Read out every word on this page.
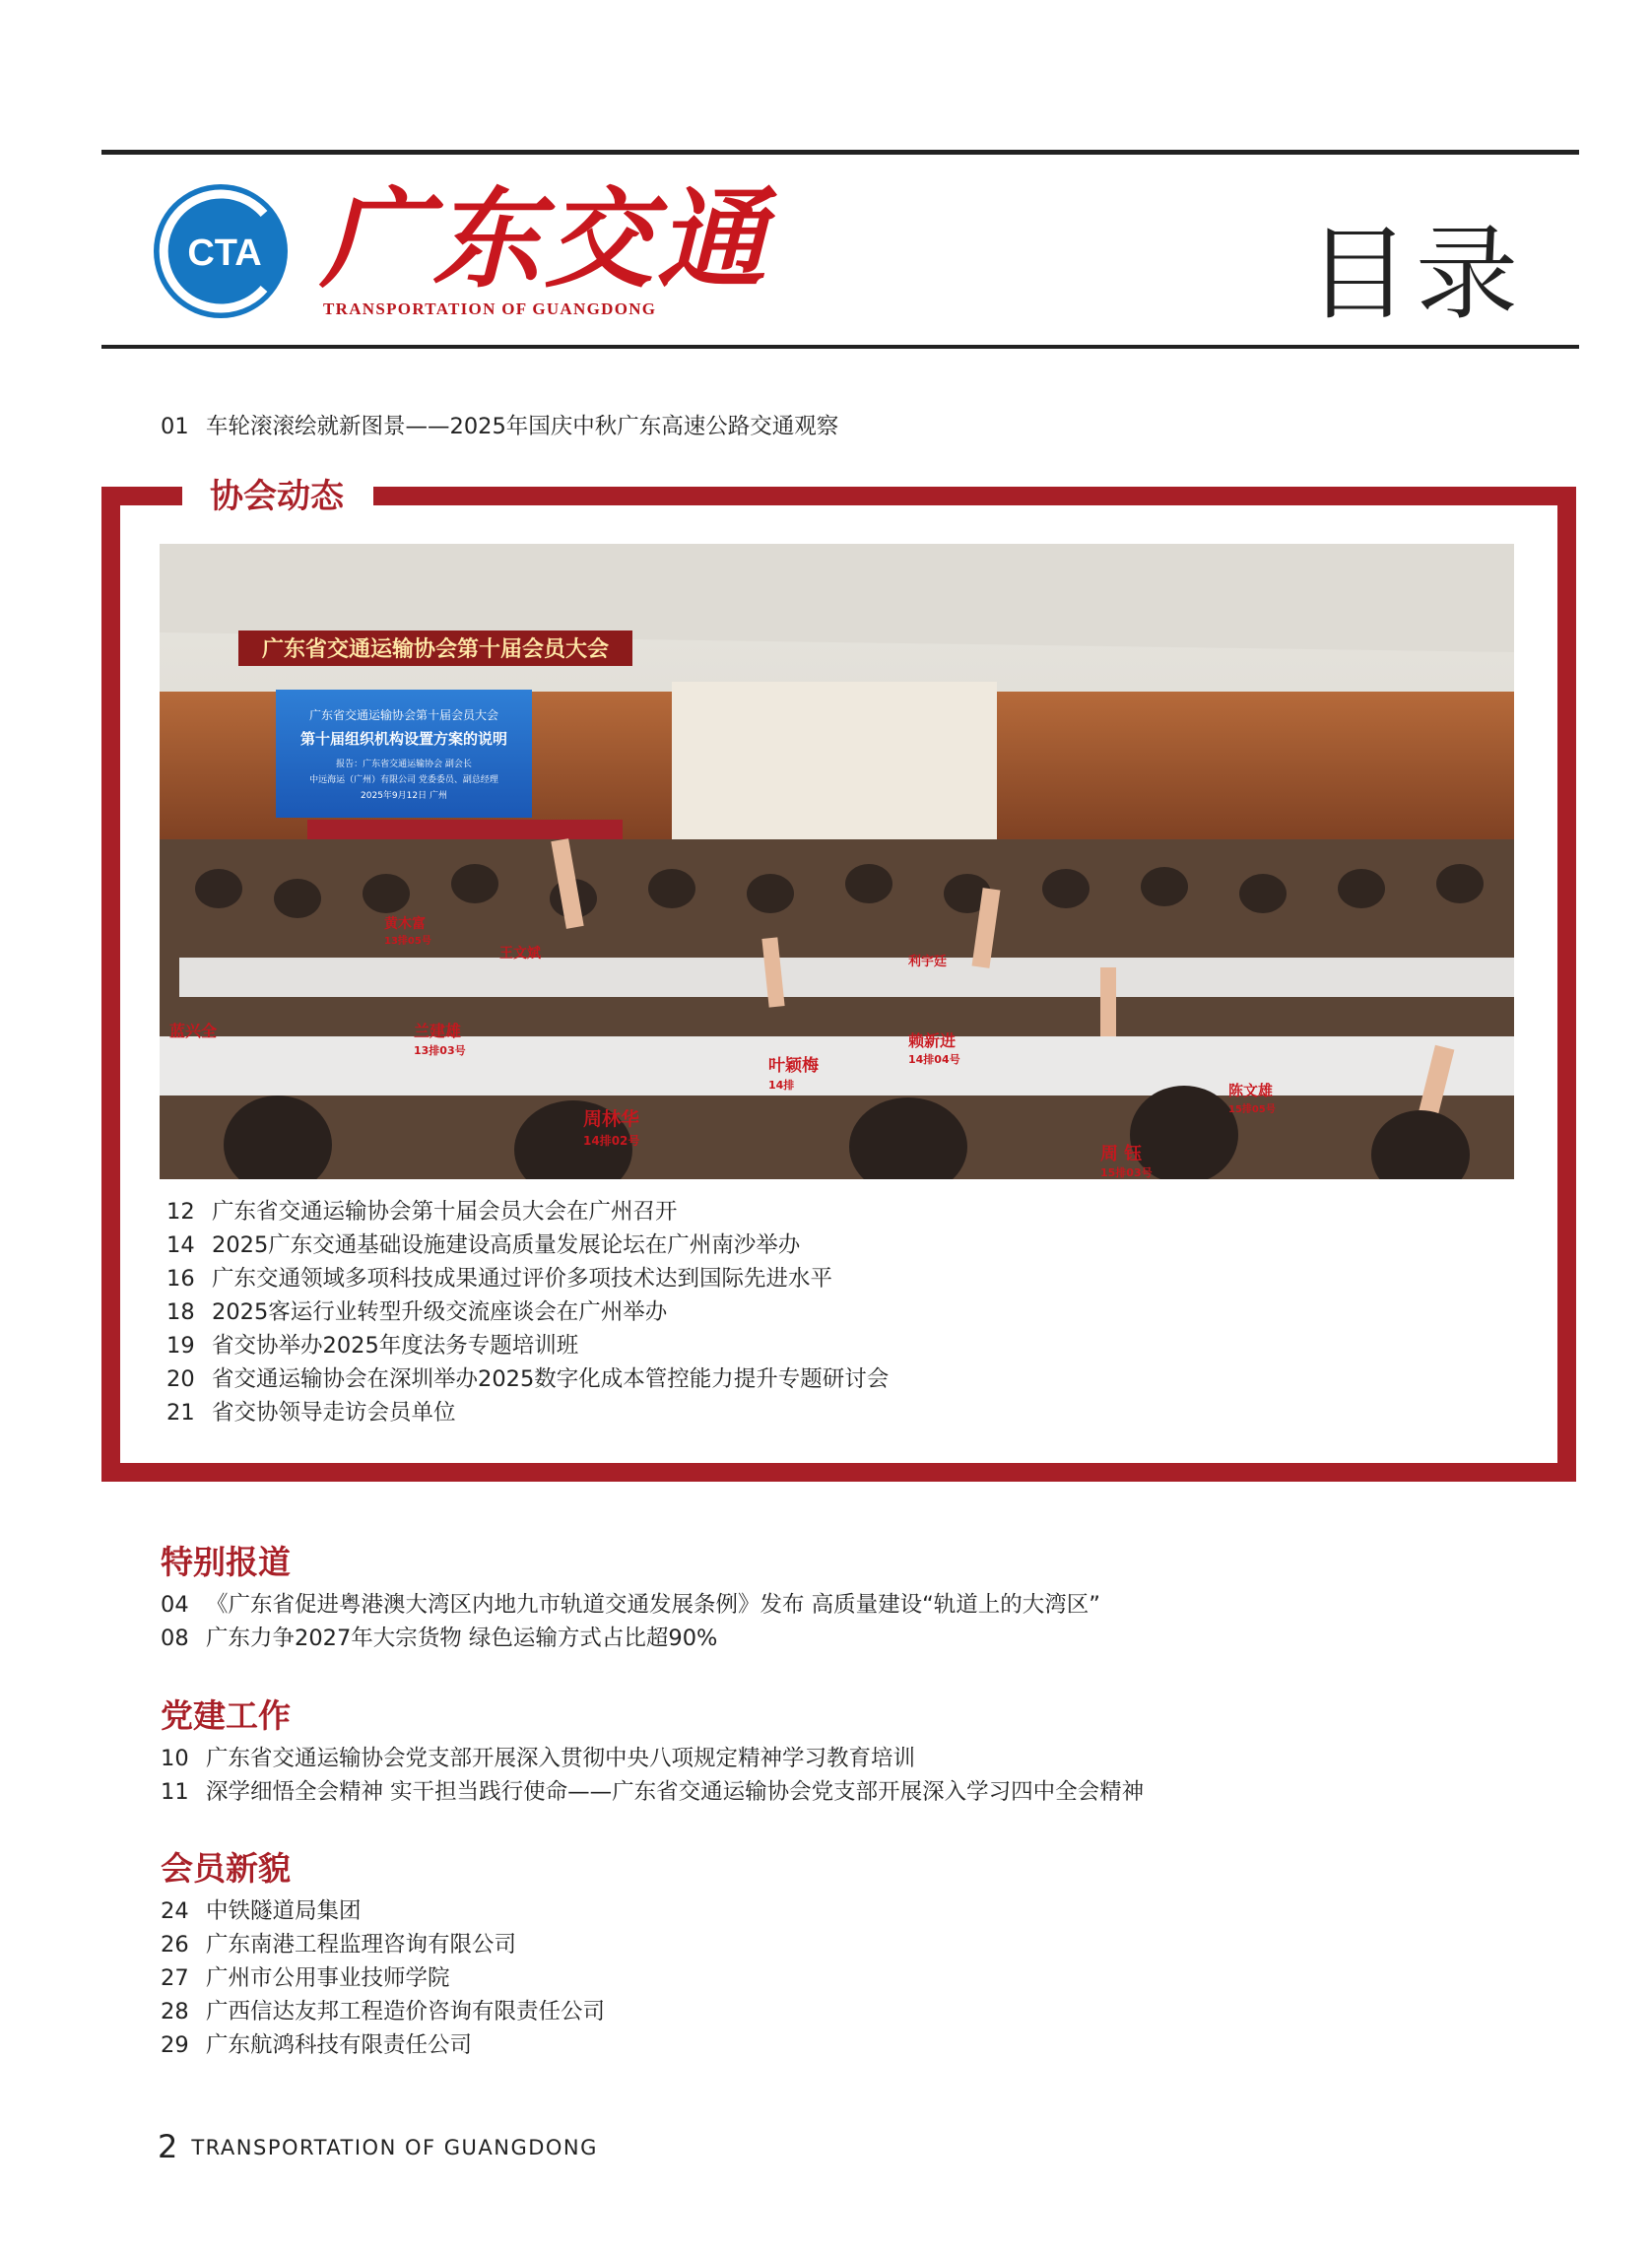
CTA 广东交通
TRANSPORTATION OF GUANGDONG	目录
01 车轮滚滚绘就新图景——2025年国庆中秋广东高速公路交通观察
协会动态
广东省交通运输协会第十届会员大会
广东省交通运输协会第十届会员大会
第十届组织机构设置方案的说明
报告：广东省交通运输协会 副会长
中远海运（广州）有限公司 党委委员、副总经理
2025年9月12日 广州
黄木富
13排05号
王文斌
兰建雄
13排03号
叶颖梅
14排
赖新进
14排04号
周林华
14排02号
陈文雄
15排05号
周 钰
15排03号
蓝兴全
利宇廷
12 广东省交通运输协会第十届会员大会在广州召开
14 2025广东交通基础设施建设高质量发展论坛在广州南沙举办
16 广东交通领域多项科技成果通过评价多项技术达到国际先进水平
18 2025客运行业转型升级交流座谈会在广州举办
19 省交协举办2025年度法务专题培训班
20 省交通运输协会在深圳举办2025数字化成本管控能力提升专题研讨会
21 省交协领导走访会员单位
特别报道
04 《广东省促进粤港澳大湾区内地九市轨道交通发展条例》发布 高质量建设“轨道上的大湾区”
08 广东力争2027年大宗货物 绿色运输方式占比超90%
党建工作
10 广东省交通运输协会党支部开展深入贯彻中央八项规定精神学习教育培训
11 深学细悟全会精神 实干担当践行使命——广东省交通运输协会党支部开展深入学习四中全会精神
会员新貌
24 中铁隧道局集团
26 广东南港工程监理咨询有限公司
27 广州市公用事业技师学院
28 广西信达友邦工程造价咨询有限责任公司
29 广东航鸿科技有限责任公司
2 TRANSPORTATION OF GUANGDONG
